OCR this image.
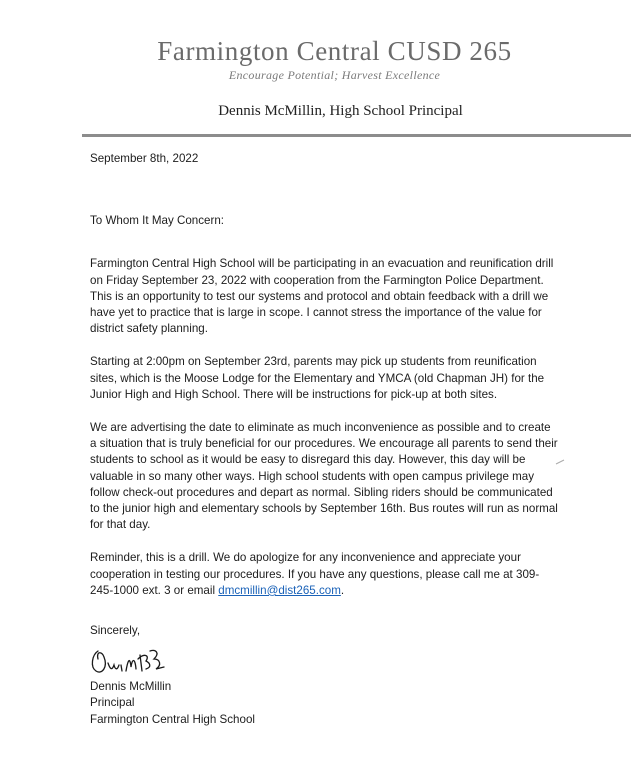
Farmington Central CUSD 265
Encourage Potential; Harvest Excellence
Dennis McMillin, High School Principal

September 8th, 2022

To Whom It May Concern:

Farmington Central High School will be participating in an evacuation and reunification drill on Friday September 23, 2022 with cooperation from the Farmington Police Department. This is an opportunity to test our systems and protocol and obtain feedback with a drill we have yet to practice that is large in scope. I cannot stress the importance of the value for district safety planning.

Starting at 2:00pm on September 23rd, parents may pick up students from reunification sites, which is the Moose Lodge for the Elementary and YMCA (old Chapman JH) for the Junior High and High School. There will be instructions for pick-up at both sites.

We are advertising the date to eliminate as much inconvenience as possible and to create a situation that is truly beneficial for our procedures. We encourage all parents to send their students to school as it would be easy to disregard this day. However, this day will be valuable in so many other ways. High school students with open campus privilege may follow check-out procedures and depart as normal. Sibling riders should be communicated to the junior high and elementary schools by September 16th. Bus routes will run as normal for that day.

Reminder, this is a drill. We do apologize for any inconvenience and appreciate your cooperation in testing our procedures. If you have any questions, please call me at 309-245-1000 ext. 3 or email dmcmillin@dist265.com.

Sincerely,

Dennis McMillin

Principal

Farmington Central High School
